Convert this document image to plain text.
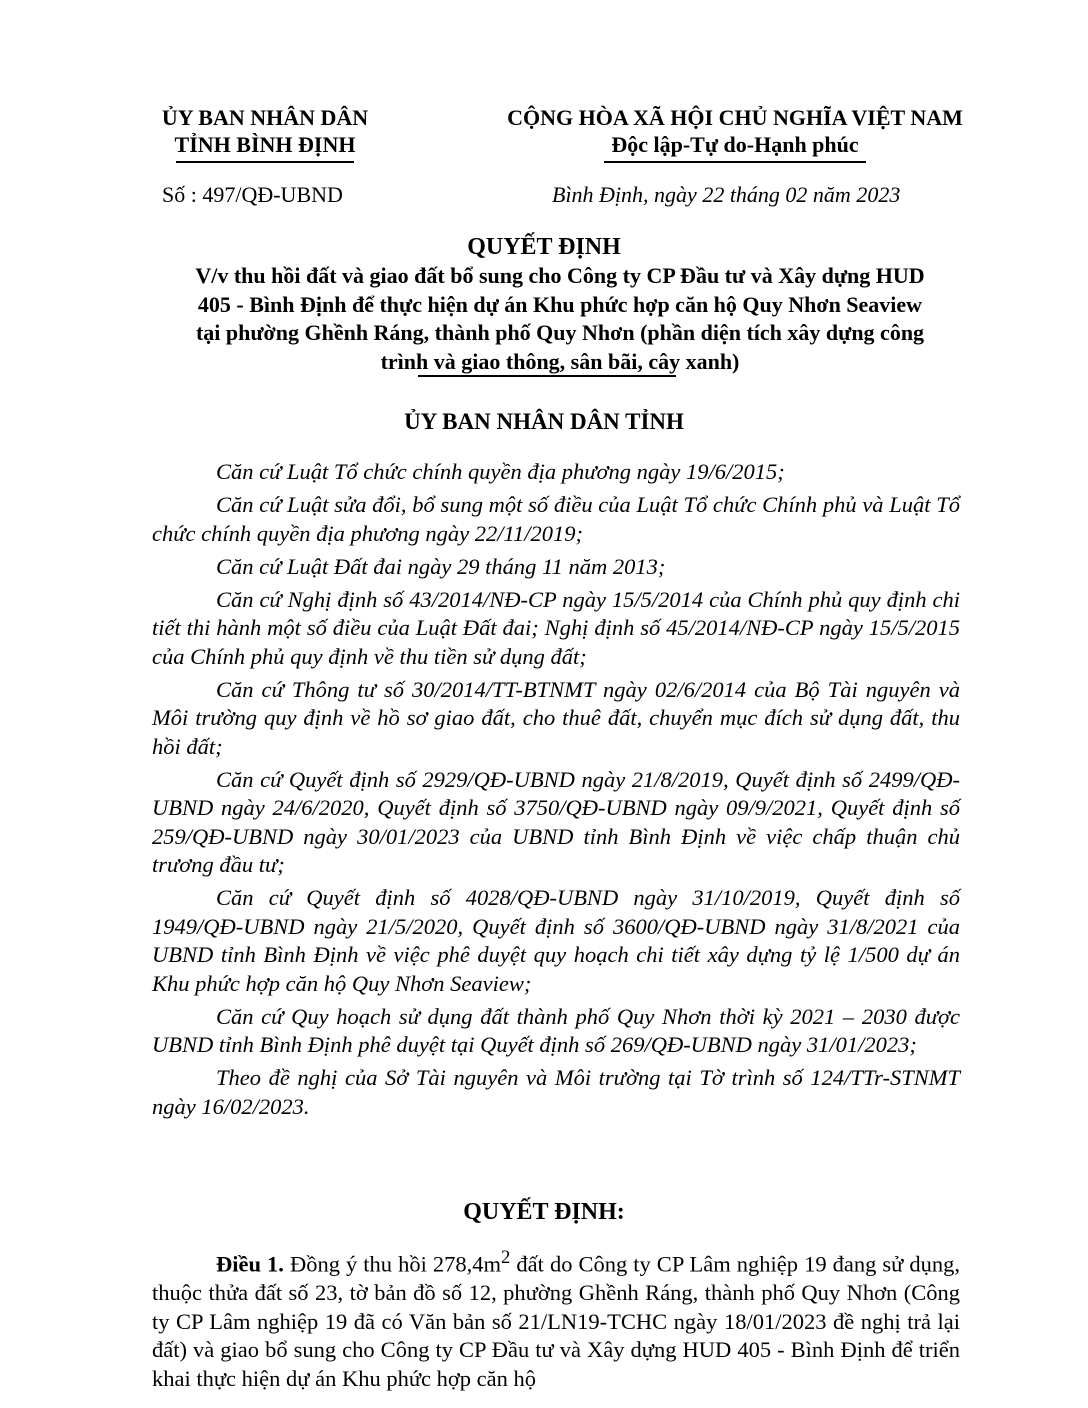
ỦY BAN NHÂN DÂN
TỈNH BÌNH ĐỊNH
CỘNG HÒA XÃ HỘI CHỦ NGHĨA VIỆT NAM
Độc lập-Tự do-Hạnh phúc
Số : 497/QĐ-UBND	Bình Định, ngày 22 tháng 02 năm 2023
QUYẾT ĐỊNH
V/v thu hồi đất và giao đất bổ sung cho Công ty CP Đầu tư và Xây dựng HUD
405 - Bình Định để thực hiện dự án Khu phức hợp căn hộ Quy Nhơn Seaview
tại phường Ghềnh Ráng, thành phố Quy Nhơn (phần diện tích xây dựng công
trình và giao thông, sân bãi, cây xanh)
ỦY BAN NHÂN DÂN TỈNH

Căn cứ Luật Tổ chức chính quyền địa phương ngày 19/6/2015;

Căn cứ Luật sửa đổi, bổ sung một số điều của Luật Tổ chức Chính phủ và Luật Tổ chức chính quyền địa phương ngày 22/11/2019;

Căn cứ Luật Đất đai ngày 29 tháng 11 năm 2013;

Căn cứ Nghị định số 43/2014/NĐ-CP ngày 15/5/2014 của Chính phủ quy định chi tiết thi hành một số điều của Luật Đất đai; Nghị định số 45/2014/NĐ-CP ngày 15/5/2015 của Chính phủ quy định về thu tiền sử dụng đất;

Căn cứ Thông tư số 30/2014/TT-BTNMT ngày 02/6/2014 của Bộ Tài nguyên và Môi trường quy định về hồ sơ giao đất, cho thuê đất, chuyển mục đích sử dụng đất, thu hồi đất;

Căn cứ Quyết định số 2929/QĐ-UBND ngày 21/8/2019, Quyết định số 2499/QĐ-UBND ngày 24/6/2020, Quyết định số 3750/QĐ-UBND ngày 09/9/2021, Quyết định số 259/QĐ-UBND ngày 30/01/2023 của UBND tỉnh Bình Định về việc chấp thuận chủ trương đầu tư;

Căn cứ Quyết định số 4028/QĐ-UBND ngày 31/10/2019, Quyết định số 1949/QĐ-UBND ngày 21/5/2020, Quyết định số 3600/QĐ-UBND ngày 31/8/2021 của UBND tỉnh Bình Định về việc phê duyệt quy hoạch chi tiết xây dựng tỷ lệ 1/500 dự án Khu phức hợp căn hộ Quy Nhơn Seaview;

Căn cứ Quy hoạch sử dụng đất thành phố Quy Nhơn thời kỳ 2021 – 2030 được UBND tỉnh Bình Định phê duyệt tại Quyết định số 269/QĐ-UBND ngày 31/01/2023;

Theo đề nghị của Sở Tài nguyên và Môi trường tại Tờ trình số 124/TTr-STNMT ngày 16/02/2023.

QUYẾT ĐỊNH:
Điều 1. Đồng ý thu hồi $278,4m^2$ đất do Công ty CP Lâm nghiệp 19 đang sử dụng, thuộc thửa đất số 23, tờ bản đồ số 12, phường Ghềnh Ráng, thành phố Quy Nhơn (Công ty CP Lâm nghiệp 19 đã có Văn bản số 21/LN19-TCHC ngày 18/01/2023 đề nghị trả lại đất) và giao bổ sung cho Công ty CP Đầu tư và Xây dựng HUD 405 - Bình Định để triển khai thực hiện dự án Khu phức hợp căn hộ
